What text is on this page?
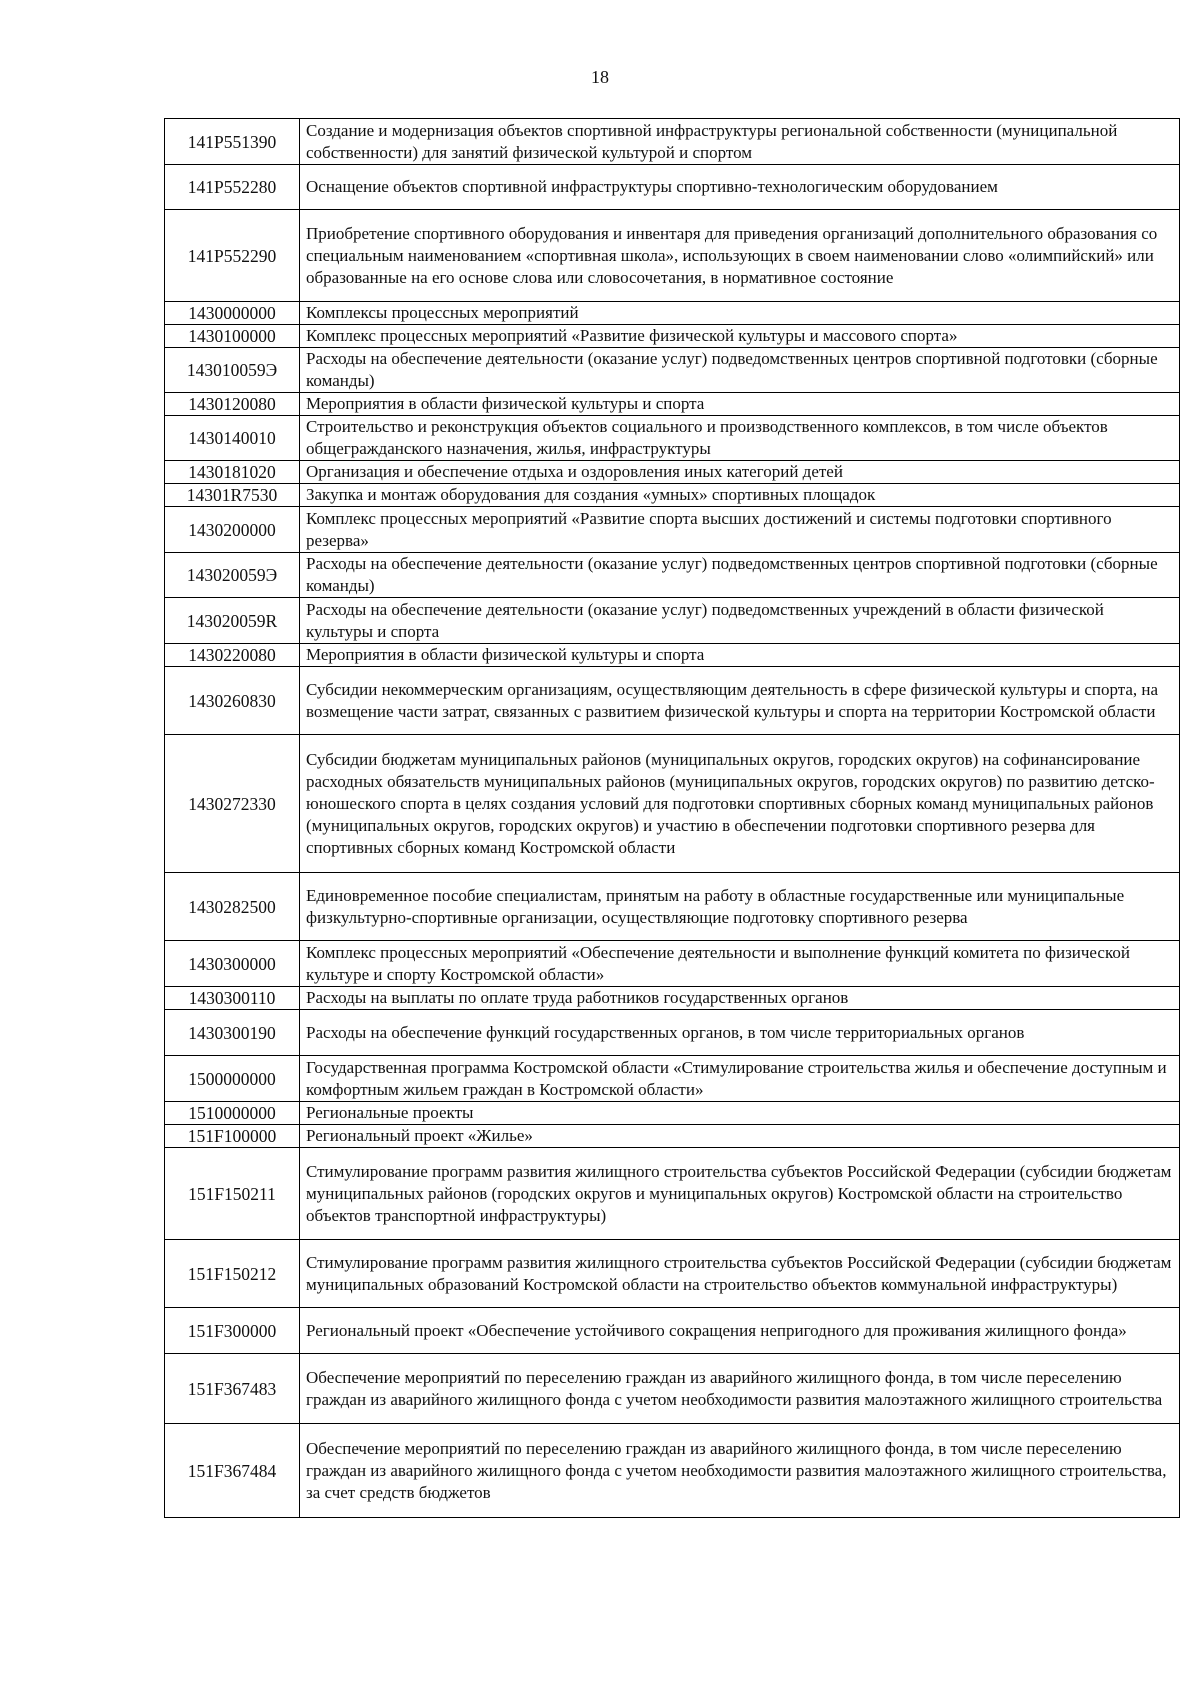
18
141P551390	Создание и модернизация объектов спортивной инфраструктуры региональной собственности (муниципальной собственности) для занятий физической культурой и спортом
141P552280	Оснащение объектов спортивной инфраструктуры спортивно-технологическим оборудованием
141P552290	Приобретение спортивного оборудования и инвентаря для приведения организаций дополнительного образования со специальным наименованием «спортивная школа», использующих в своем наименовании слово «олимпийский» или образованные на его основе слова или словосочетания, в нормативное состояние
1430000000	Комплексы процессных мероприятий
1430100000	Комплекс процессных мероприятий «Развитие физической культуры и массового спорта»
143010059Э	Расходы на обеспечение деятельности (оказание услуг) подведомственных центров спортивной подготовки (сборные команды)
1430120080	Мероприятия в области физической культуры и спорта
1430140010	Строительство и реконструкция объектов социального и производственного комплексов, в том числе объектов общегражданского назначения, жилья, инфраструктуры
1430181020	Организация и обеспечение отдыха и оздоровления иных категорий детей
14301R7530	Закупка и монтаж оборудования для создания «умных» спортивных площадок
1430200000	Комплекс процессных мероприятий «Развитие спорта высших достижений и системы подготовки спортивного резерва»
143020059Э	Расходы на обеспечение деятельности (оказание услуг) подведомственных центров спортивной подготовки (сборные команды)
143020059R	Расходы на обеспечение деятельности (оказание услуг) подведомственных учреждений в области физической культуры и спорта
1430220080	Мероприятия в области физической культуры и спорта
1430260830	Субсидии некоммерческим организациям, осуществляющим деятельность в сфере физической культуры и спорта, на возмещение части затрат, связанных с развитием физической культуры и спорта на территории Костромской области
1430272330	Субсидии бюджетам муниципальных районов (муниципальных округов, городских округов) на софинансирование расходных обязательств муниципальных районов (муниципальных округов, городских округов) по развитию детско-юношеского спорта в целях создания условий для подготовки спортивных сборных команд муниципальных районов (муниципальных округов, городских округов) и участию в обеспечении подготовки спортивного резерва для спортивных сборных команд Костромской области
1430282500	Единовременное пособие специалистам, принятым на работу в областные государственные или муниципальные физкультурно-спортивные организации, осуществляющие подготовку спортивного резерва
1430300000	Комплекс процессных мероприятий «Обеспечение деятельности и выполнение функций комитета по физической культуре и спорту Костромской области»
1430300110	Расходы на выплаты по оплате труда работников государственных органов
1430300190	Расходы на обеспечение функций государственных органов, в том числе территориальных органов
1500000000	Государственная программа Костромской области «Стимулирование строительства жилья и обеспечение доступным и комфортным жильем граждан в Костромской области»
1510000000	Региональные проекты
151F100000	Региональный проект «Жилье»
151F150211	Стимулирование программ развития жилищного строительства субъектов Российской Федерации (субсидии бюджетам муниципальных районов (городских округов и муниципальных округов) Костромской области на строительство объектов транспортной инфраструктуры)
151F150212	Стимулирование программ развития жилищного строительства субъектов Российской Федерации (субсидии бюджетам муниципальных образований Костромской области на строительство объектов коммунальной инфраструктуры)
151F300000	Региональный проект «Обеспечение устойчивого сокращения непригодного для проживания жилищного фонда»
151F367483	Обеспечение мероприятий по переселению граждан из аварийного жилищного фонда, в том числе переселению граждан из аварийного жилищного фонда с учетом необходимости развития малоэтажного жилищного строительства
151F367484	Обеспечение мероприятий по переселению граждан из аварийного жилищного фонда, в том числе переселению граждан из аварийного жилищного фонда с учетом необходимости развития малоэтажного жилищного строительства, за счет средств бюджетов
